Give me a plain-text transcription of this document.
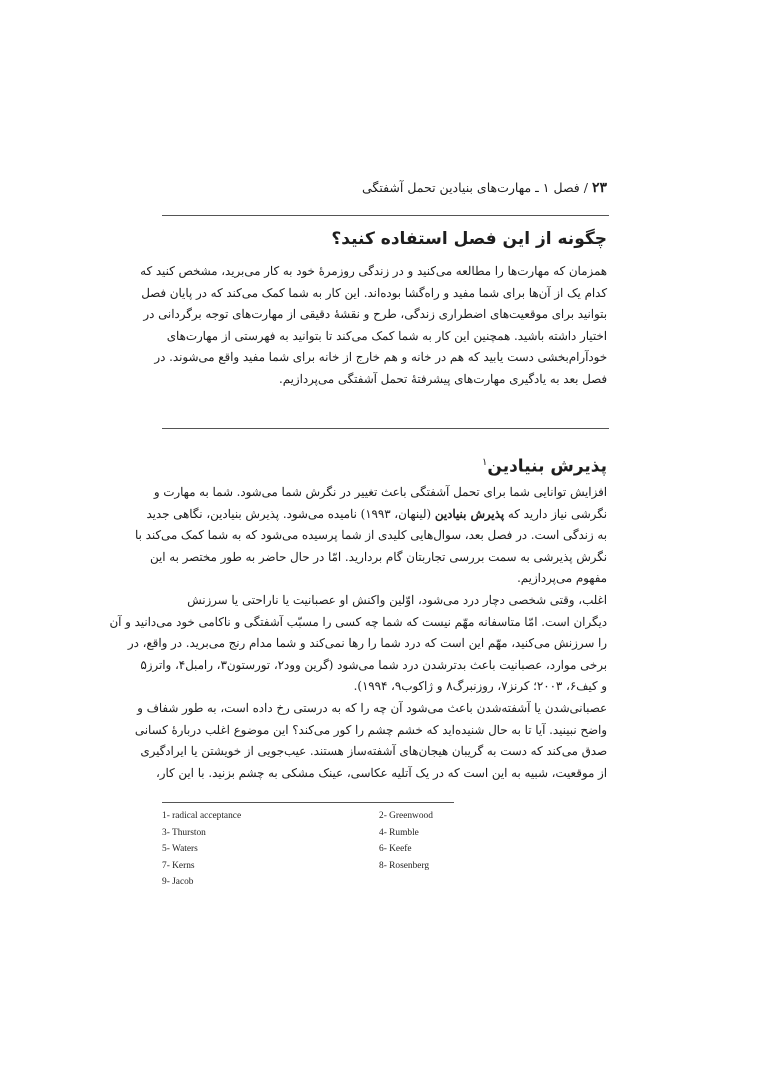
۲۳ / فصل ۱ ـ مهارت‌های بنیادین تحمل آشفتگی
چگونه از این فصل استفاده کنید؟
همزمان که مهارت‌ها را مطالعه می‌کنید و در زندگی روزمرهٔ خود به کار می‌برید، مشخص کنید که
کدام یک از آن‌ها برای شما مفید و راه‌گشا بوده‌اند. این کار به شما کمک می‌کند که در پایان فصل
بتوانید برای موقعیت‌های اضطراری زندگی، طرح و نقشهٔ دقیقی از مهارت‌های توجه برگردانی در
اختیار داشته باشید. همچنین این کار به شما کمک می‌کند تا بتوانید به فهرستی از مهارت‌های
خودآرام‌بخشی دست یابید که هم در خانه و هم خارج از خانه برای شما مفید واقع می‌شوند. در
فصل بعد به یادگیری مهارت‌های پیشرفتهٔ تحمل آشفتگی می‌پردازیم.
پذیرش بنیادین$^۱$
افزایش توانایی شما برای تحمل آشفتگی باعث تغییر در نگرش شما می‌شود. شما به مهارت و
نگرشی نیاز دارید که پذیرش بنیادین (لینهان، ۱۹۹۳) نامیده می‌شود. پذیرش بنیادین، نگاهی جدید
به زندگی است. در فصل بعد، سوال‌هایی کلیدی از شما پرسیده می‌شود که به شما کمک می‌کند با
نگرش پذیرشی به سمت بررسی تجاربتان گام بردارید. امّا در حال حاضر به طور مختصر به این
مفهوم می‌پردازیم.
اغلب، وقتی شخصی دچار درد می‌شود، اوّلین واکنش او عصبانیت یا ناراحتی یا سرزنش
دیگران است. امّا متاسفانه مهّم نیست که شما چه کسی را مسبّب آشفتگی و ناکامی خود می‌دانید و آن
را سرزنش می‌کنید، مهّم این است که درد شما را رها نمی‌کند و شما مدام رنج می‌برید. در واقع، در
برخی موارد، عصبانیت باعث بدترشدن درد شما می‌شود (گرین وود۲، تورستون۳، رامبل۴، واترز۵
و کیف۶، ۲۰۰۳؛ کرنز۷، روزنبرگ۸ و ژاکوب۹، ۱۹۹۴).
عصبانی‌شدن یا آشفته‌شدن باعث می‌شود آن چه را که به درستی رخ داده است، به طور شفاف و
واضح نبینید. آیا تا به حال شنیده‌اید که خشم چشم را کور می‌کند؟ این موضوع اغلب دربارهٔ کسانی
صدق می‌کند که دست به گریبان هیجان‌های آشفته‌ساز هستند. عیب‌جویی از خویشتن یا ایرادگیری
از موقعیت، شبیه به این است که در یک آتلیه عکاسی، عینک مشکی به چشم بزنید. با این کار،
1- radical acceptance	2- Greenwood
3- Thurston	4- Rumble
5- Waters	6- Keefe
7- Kerns	8- Rosenberg
9- Jacob
